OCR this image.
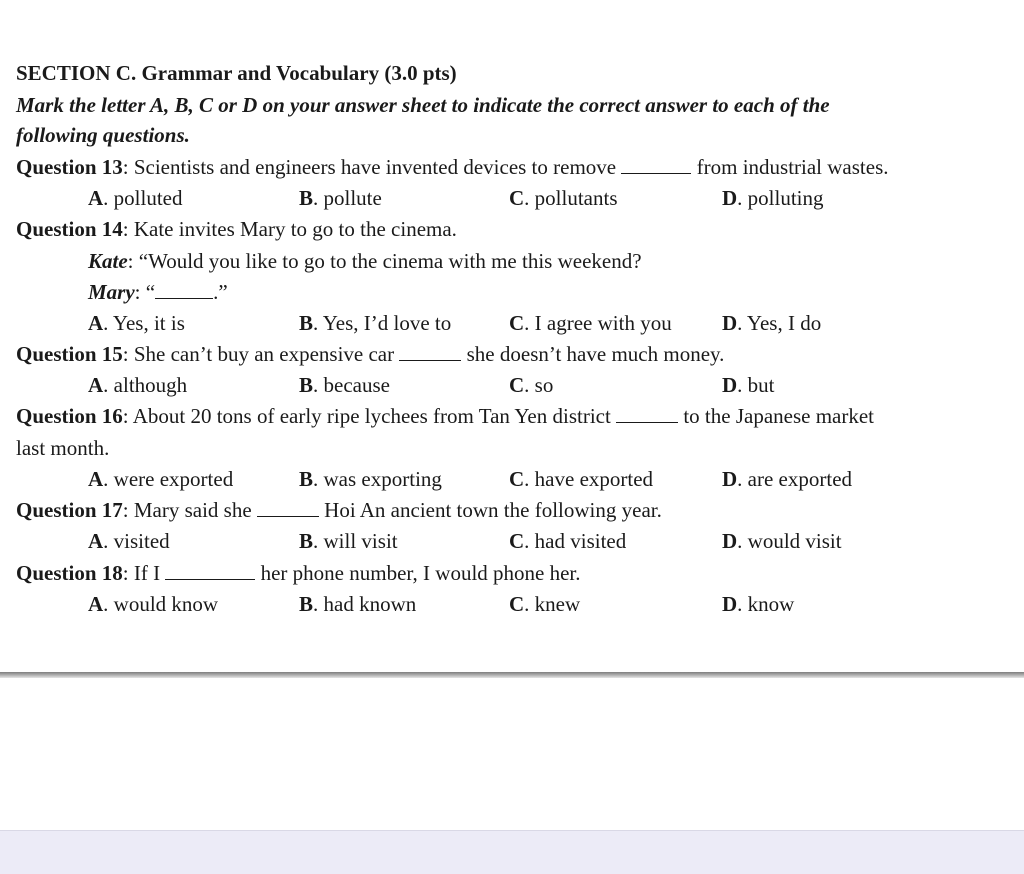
SECTION C. Grammar and Vocabulary (3.0 pts)
Mark the letter A, B, C or D on your answer sheet to indicate the correct answer to each of the
following questions.
Question 13: Scientists and engineers have invented devices to remove	from industrial wastes.
A. polluted	B. pollute	C. pollutants	D. polluting
Question 14: Kate invites Mary to go to the cinema.
Kate: “Would you like to go to the cinema with me this weekend?
Mary: “	.”
A. Yes, it is	B. Yes, I’d love to	C. I agree with you D. Yes, I do
Question 15: She can’t buy an expensive car	she doesn’t have much money.
A. although	B. because	C. so	D. but
Question 16: About 20 tons of early ripe lychees from Tan Yen district	to the Japanese market
last month.
A. were exported	B. was exporting	C. have exported	D. are exported
Question 17: Mary said she	Hoi An ancient town the following year.
A. visited	B. will visit	C. had visited	D. would visit
Question 18: If I	her phone number, I would phone her.
A. would know	B. had known	C. knew	D. know
